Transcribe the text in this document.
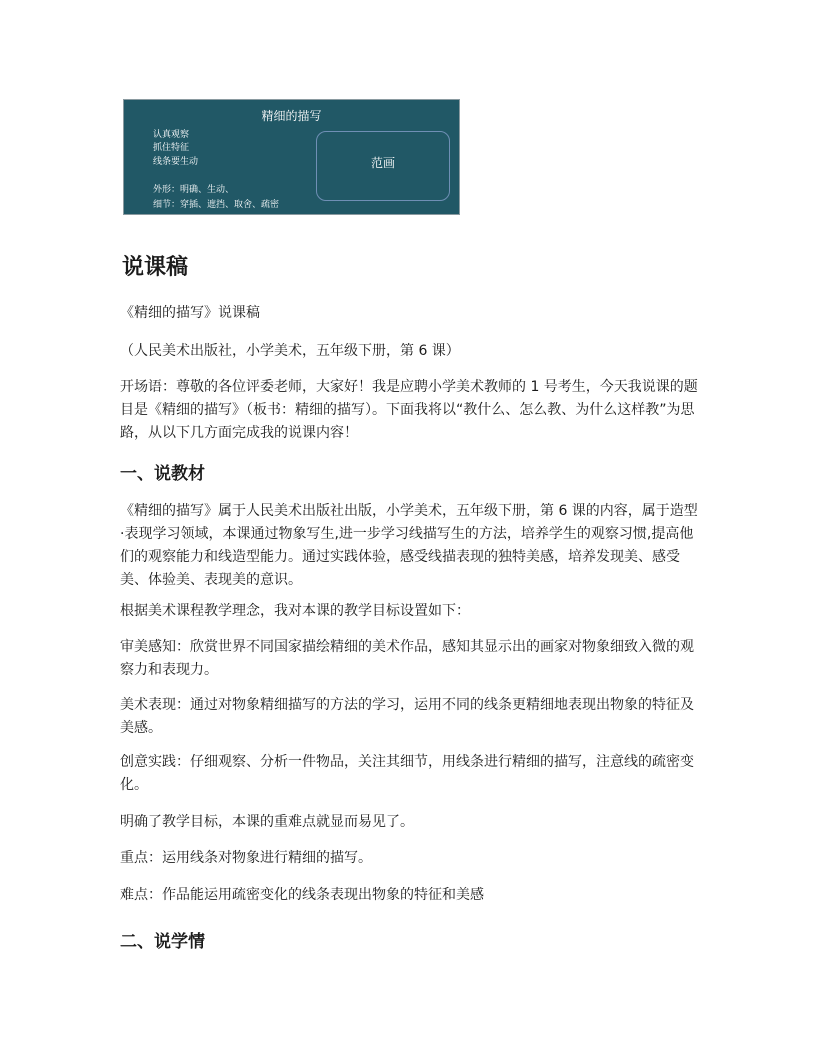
精细的描写
认真观察
抓住特征
线条要生动
外形：明确、生动、
细节：穿插、遮挡、取舍、疏密
范画
说课稿

《精细的描写》说课稿

（人民美术出版社，小学美术，五年级下册，第 6 课）

开场语：尊敬的各位评委老师，大家好！我是应聘小学美术教师的 1 号考生，今天我说课的题目是《精细的描写》（板书：精细的描写）。下面我将以“教什么、怎么教、为什么这样教”为思路，从以下几方面完成我的说课内容！

一、说教材

《精细的描写》属于人民美术出版社出版，小学美术，五年级下册，第 6 课的内容，属于造型·表现学习领域，本课通过物象写生,进一步学习线描写生的方法，培养学生的观察习惯,提高他们的观察能力和线造型能力。通过实践体验，感受线描表现的独特美感，培养发现美、感受美、体验美、表现美的意识。

根据美术课程教学理念，我对本课的教学目标设置如下：

审美感知：欣赏世界不同国家描绘精细的美术作品，感知其显示出的画家对物象细致入微的观察力和表现力。

美术表现：通过对物象精细描写的方法的学习，运用不同的线条更精细地表现出物象的特征及美感。

创意实践：仔细观察、分析一件物品，关注其细节，用线条进行精细的描写，注意线的疏密变化。

明确了教学目标，本课的重难点就显而易见了。

重点：运用线条对物象进行精细的描写。

难点：作品能运用疏密变化的线条表现出物象的特征和美感

二、说学情
